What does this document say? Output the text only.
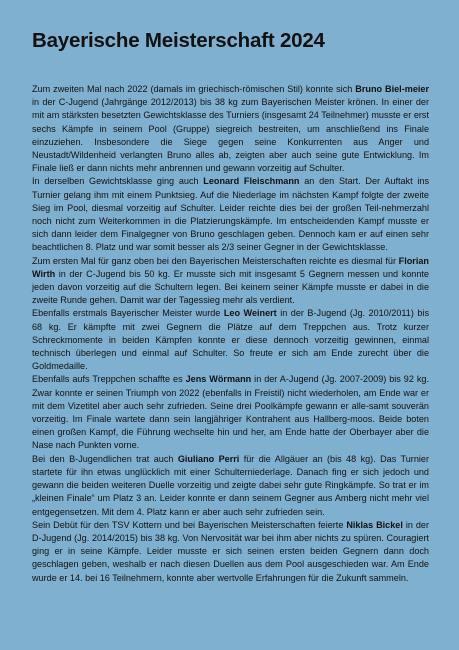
Bayerische Meisterschaft 2024

Zum zweiten Mal nach 2022 (damals im griechisch-römischen Stil) konnte sich Bruno Biel-meier in der C-Jugend (Jahrgänge 2012/2013) bis 38 kg zum Bayerischen Meister krönen. In einer der mit am stärksten besetzten Gewichtsklasse des Turniers (insgesamt 24 Teilnehmer) musste er erst sechs Kämpfe in seinem Pool (Gruppe) siegreich bestreiten, um anschließend ins Finale einzuziehen. Insbesondere die Siege gegen seine Konkurrenten aus Anger und Neustadt/Wildenheid verlangten Bruno alles ab, zeigten aber auch seine gute Entwicklung. Im Finale ließ er dann nichts mehr anbrennen und gewann vorzeitig auf Schulter.

In derselben Gewichtsklasse ging auch Leonard Fleischmann an den Start. Der Auftakt ins Turnier gelang ihm mit einem Punktsieg. Auf die Niederlage im nächsten Kampf folgte der zweite Sieg im Pool, diesmal vorzeitig auf Schulter. Leider reichte dies bei der großen Teil-nehmerzahl noch nicht zum Weiterkommen in die Platzierungskämpfe. Im entscheidenden Kampf musste er sich dann leider dem Finalgegner von Bruno geschlagen geben. Dennoch kam er auf einen sehr beachtlichen 8. Platz und war somit besser als 2/3 seiner Gegner in der Gewichtsklasse.

Zum ersten Mal für ganz oben bei den Bayerischen Meisterschaften reichte es diesmal für Florian Wirth in der C-Jugend bis 50 kg. Er musste sich mit insgesamt 5 Gegnern messen und konnte jeden davon vorzeitig auf die Schultern legen. Bei keinem seiner Kämpfe musste er dabei in die zweite Runde gehen. Damit war der Tagessieg mehr als verdient.

Ebenfalls erstmals Bayerischer Meister wurde Leo Weinert in der B-Jugend (Jg. 2010/2011) bis 68 kg. Er kämpfte mit zwei Gegnern die Plätze auf dem Treppchen aus. Trotz kurzer Schreckmomente in beiden Kämpfen konnte er diese dennoch vorzeitig gewinnen, einmal technisch überlegen und einmal auf Schulter. So freute er sich am Ende zurecht über die Goldmedaille.

Ebenfalls aufs Treppchen schaffte es Jens Wörmann in der A-Jugend (Jg. 2007-2009) bis 92 kg. Zwar konnte er seinen Triumph von 2022 (ebenfalls in Freistil) nicht wiederholen, am Ende war er mit dem Vizetitel aber auch sehr zufrieden. Seine drei Poolkämpfe gewann er alle-samt souverän vorzeitig. Im Finale wartete dann sein langjähriger Kontrahent aus Hallberg-moos. Beide boten einen großen Kampf, die Führung wechselte hin und her, am Ende hatte der Oberbayer aber die Nase nach Punkten vorne.

Bei den B-Jugendlichen trat auch Giuliano Perri für die Allgäuer an (bis 48 kg). Das Turnier startete für ihn etwas unglücklich mit einer Schulterniederlage. Danach fing er sich jedoch und gewann die beiden weiteren Duelle vorzeitig und zeigte dabei sehr gute Ringkämpfe. So trat er im „kleinen Finale“ um Platz 3 an. Leider konnte er dann seinem Gegner aus Amberg nicht mehr viel entgegensetzen. Mit dem 4. Platz kann er aber auch sehr zufrieden sein.

Sein Debüt für den TSV Kottern und bei Bayerischen Meisterschaften feierte Niklas Bickel in der D-Jugend (Jg. 2014/2015) bis 38 kg. Von Nervosität war bei ihm aber nichts zu spüren. Couragiert ging er in seine Kämpfe. Leider musste er sich seinen ersten beiden Gegnern dann doch geschlagen geben, weshalb er nach diesen Duellen aus dem Pool ausgeschieden war. Am Ende wurde er 14. bei 16 Teilnehmern, konnte aber wertvolle Erfahrungen für die Zukunft sammeln.
